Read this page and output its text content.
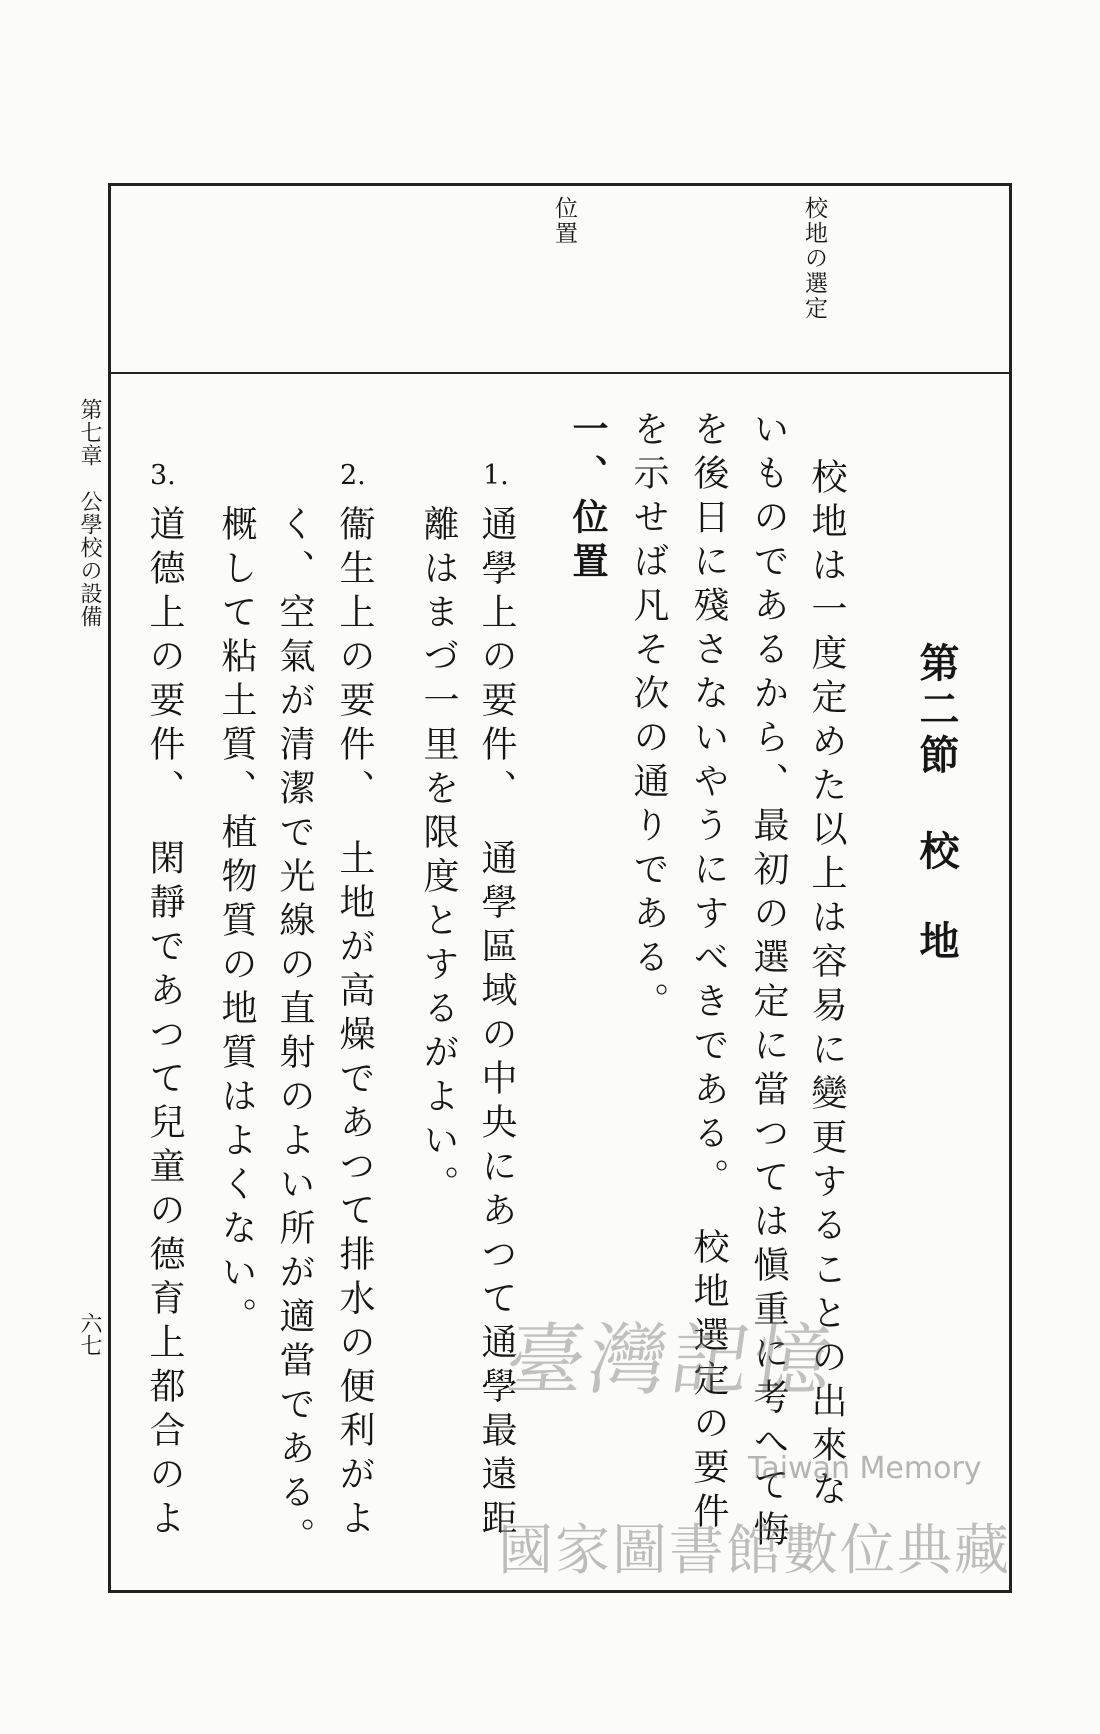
第七章　公學校の設備
六七
校地の選定
位置
第二節
校地
校地は一度定めた以上は容易に變更することの出來な
いものであるから、最初の選定に當つては愼重に考へて悔
を後日に殘さないやうにすべきである。　校地選定の要件
を示せば凡そ次の通りである。
一、位置
1.
通學上の要件、　通學區域の中央にあつて通學最遠距
離はまづ一里を限度とするがよい。
2.
衞生上の要件、　土地が高燥であつて排水の便利がよ
く、空氣が清潔で光線の直射のよい所が適當である。
概して粘土質、植物質の地質はよくない。
3.
道德上の要件、　閑靜であつて兒童の德育上都合のよ	臺灣記憶
Taiwan Memory
國家圖書館數位典藏
